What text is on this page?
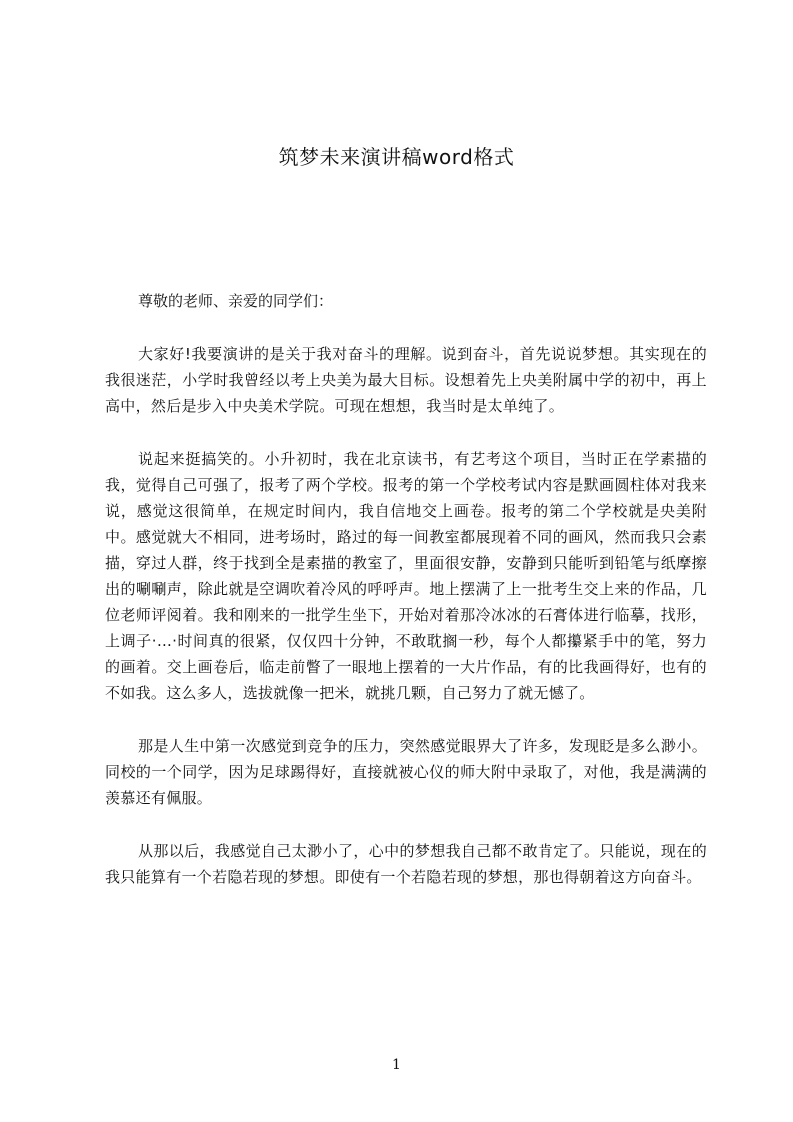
筑梦未来演讲稿word格式

尊敬的老师、亲爱的同学们：

大家好!我要演讲的是关于我对奋斗的理解。说到奋斗，首先说说梦想。其实现在的我很迷茫，小学时我曾经以考上央美为最大目标。设想着先上央美附属中学的初中，再上高中，然后是步入中央美术学院。可现在想想，我当时是太单纯了。

说起来挺搞笑的。小升初时，我在北京读书，有艺考这个项目，当时正在学素描的我，觉得自己可强了，报考了两个学校。报考的第一个学校考试内容是默画圆柱体对我来说，感觉这很简单，在规定时间内，我自信地交上画卷。报考的第二个学校就是央美附中。感觉就大不相同，进考场时，路过的每一间教室都展现着不同的画风，然而我只会素描，穿过人群，终于找到全是素描的教室了，里面很安静，安静到只能听到铅笔与纸摩擦出的唰唰声，除此就是空调吹着冷风的呼呼声。地上摆满了上一批考生交上来的作品，几位老师评阅着。我和刚来的一批学生坐下，开始对着那冷冰冰的石膏体进行临摹，找形，上调子·…·时间真的很紧，仅仅四十分钟，不敢耽搁一秒，每个人都攥紧手中的笔，努力的画着。交上画卷后，临走前瞥了一眼地上摆着的一大片作品，有的比我画得好，也有的不如我。这么多人，选拔就像一把米，就挑几颗，自己努力了就无憾了。

那是人生中第一次感觉到竞争的压力，突然感觉眼界大了许多，发现眨是多么渺小。同校的一个同学，因为足球踢得好，直接就被心仪的师大附中录取了，对他，我是满满的羡慕还有佩服。

从那以后，我感觉自己太渺小了，心中的梦想我自己都不敢肯定了。只能说，现在的我只能算有一个若隐若现的梦想。即使有一个若隐若现的梦想，那也得朝着这方向奋斗。

1
